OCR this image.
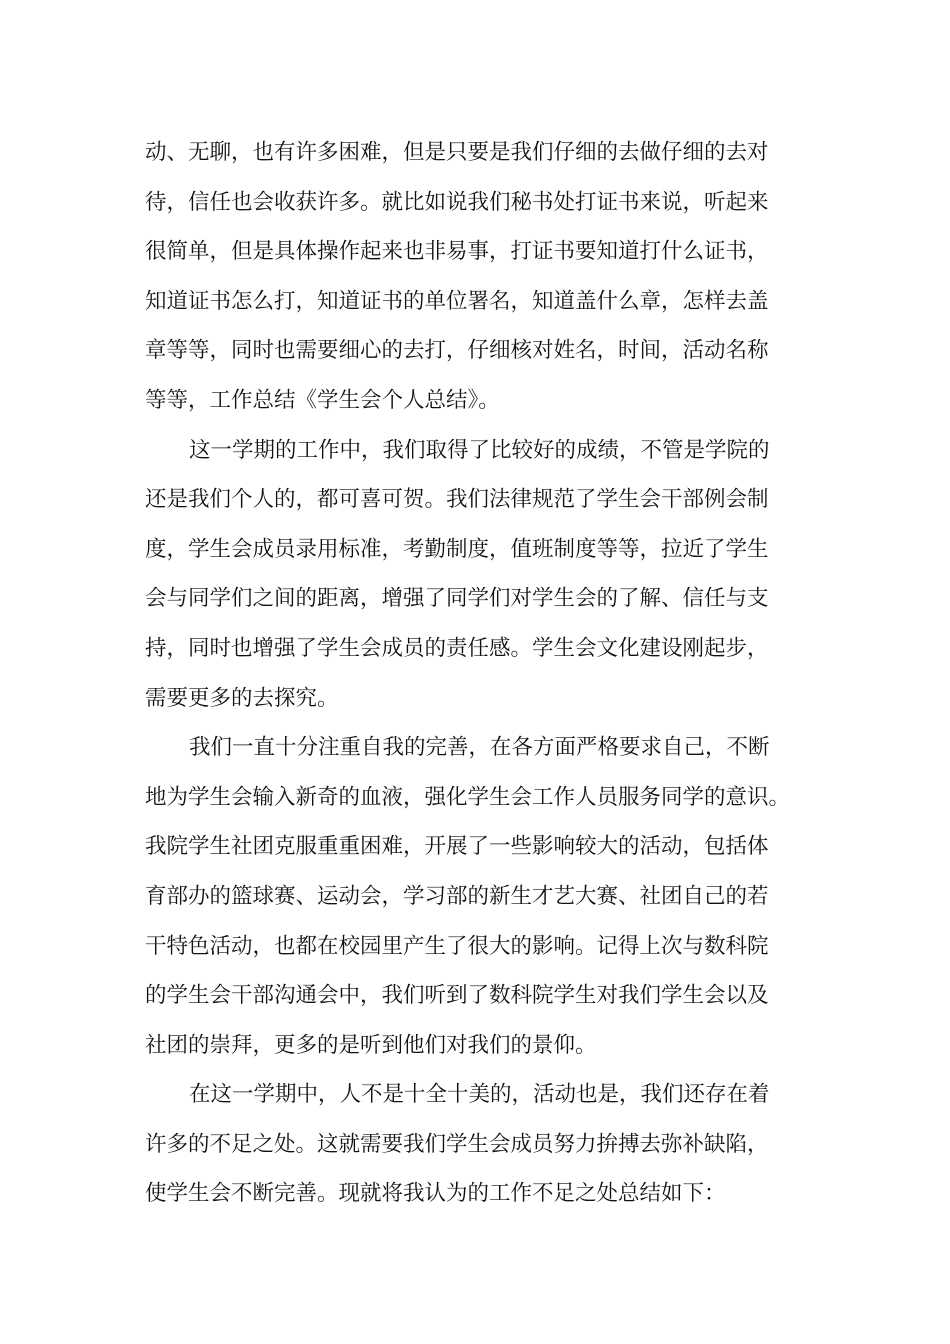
动、无聊，也有许多困难，但是只要是我们仔细的去做仔细的去对
待，信任也会收获许多。就比如说我们秘书处打证书来说，听起来
很简单，但是具体操作起来也非易事，打证书要知道打什么证书，
知道证书怎么打，知道证书的单位署名，知道盖什么章，怎样去盖
章等等，同时也需要细心的去打，仔细核对姓名，时间，活动名称
等等，工作总结《学生会个人总结》。
这一学期的工作中，我们取得了比较好的成绩，不管是学院的
还是我们个人的，都可喜可贺。我们法律规范了学生会干部例会制
度，学生会成员录用标准，考勤制度，值班制度等等，拉近了学生
会与同学们之间的距离，增强了同学们对学生会的了解、信任与支
持，同时也增强了学生会成员的责任感。学生会文化建设刚起步，
需要更多的去探究。
我们一直十分注重自我的完善，在各方面严格要求自己，不断
地为学生会输入新奇的血液，强化学生会工作人员服务同学的意识。
我院学生社团克服重重困难，开展了一些影响较大的活动，包括体
育部办的篮球赛、运动会，学习部的新生才艺大赛、社团自己的若
干特色活动，也都在校园里产生了很大的影响。记得上次与数科院
的学生会干部沟通会中，我们听到了数科院学生对我们学生会以及
社团的崇拜，更多的是听到他们对我们的景仰。
在这一学期中，人不是十全十美的，活动也是，我们还存在着
许多的不足之处。这就需要我们学生会成员努力拚搏去弥补缺陷，
使学生会不断完善。现就将我认为的工作不足之处总结如下：
